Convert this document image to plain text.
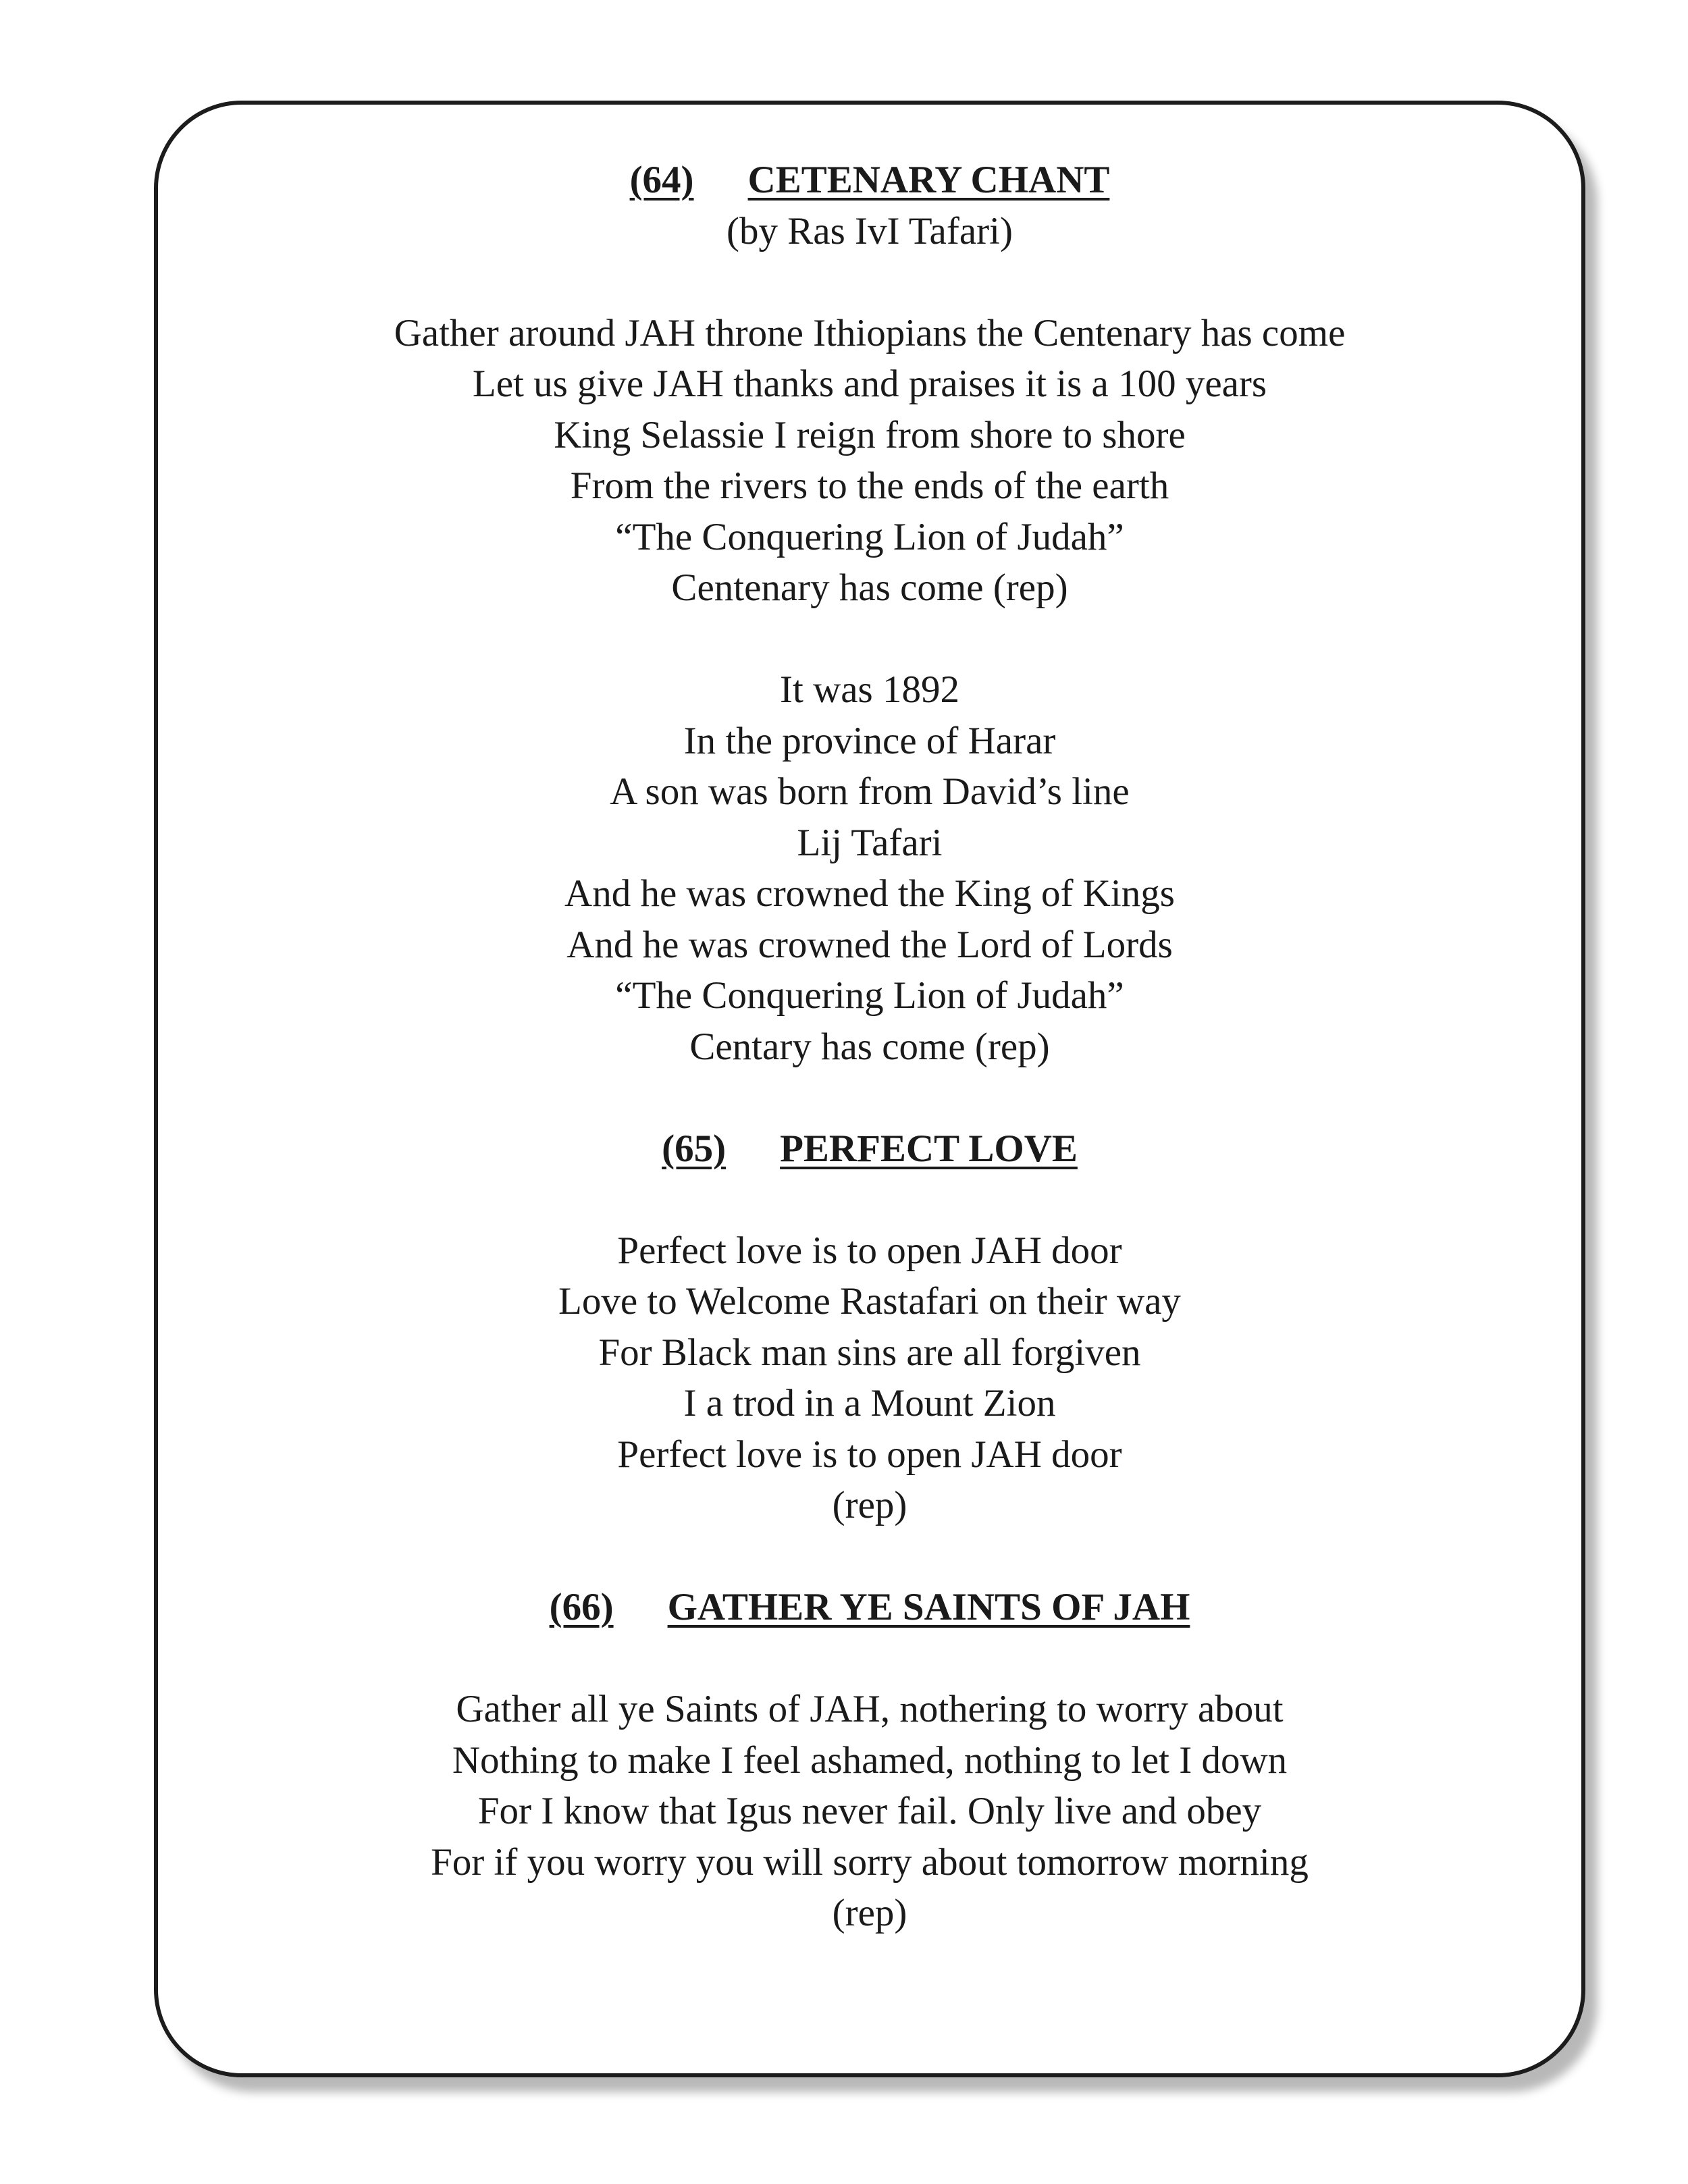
(64) CETENARY CHANT
(by Ras IvI Tafari)
Gather around JAH throne Ithiopians the Centenary has come
Let us give JAH thanks and praises it is a 100 years
King Selassie I reign from shore to shore
From the rivers to the ends of the earth
“The Conquering Lion of Judah”
Centenary has come (rep)
It was 1892
In the province of Harar
A son was born from David’s line
Lij Tafari
And he was crowned the King of Kings
And he was crowned the Lord of Lords
“The Conquering Lion of Judah”
Centary has come (rep)
(65) PERFECT LOVE
Perfect love is to open JAH door
Love to Welcome Rastafari on their way
For Black man sins are all forgiven
I a trod in a Mount Zion
Perfect love is to open JAH door
(rep)
(66) GATHER YE SAINTS OF JAH
Gather all ye Saints of JAH, nothering to worry about
Nothing to make I feel ashamed, nothing to let I down
For I know that Igus never fail. Only live and obey
For if you worry you will sorry about tomorrow morning
(rep)
